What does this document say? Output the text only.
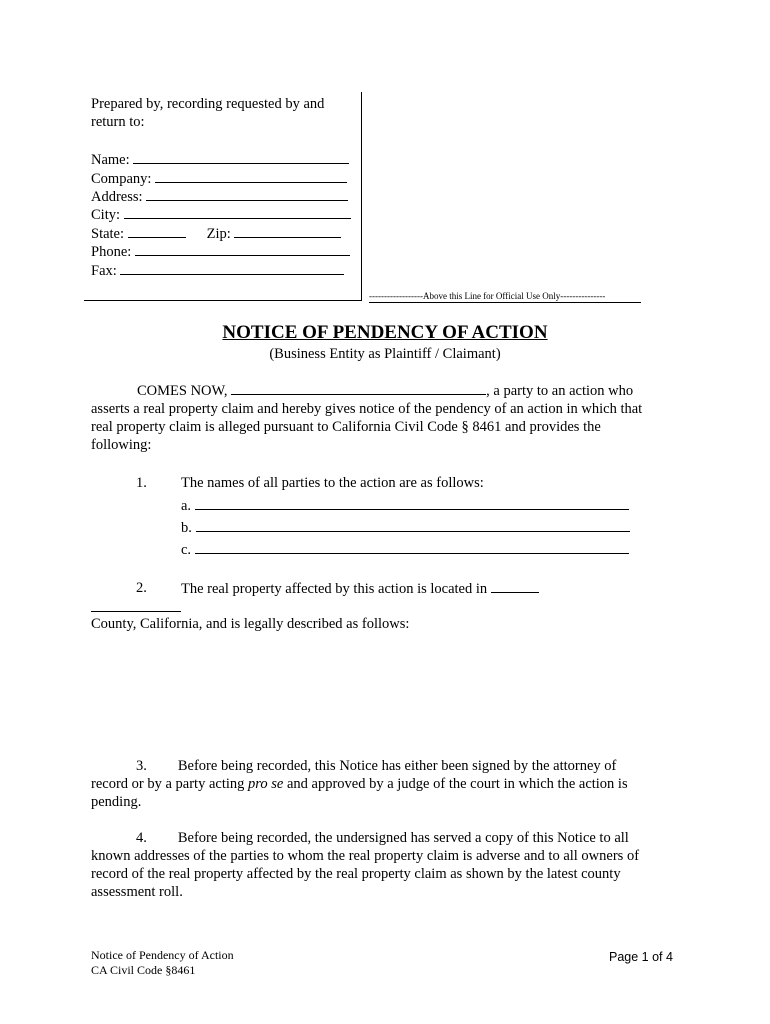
Prepared by, recording requested by and
return to:
Name:
Company:
Address:
City:
State:	Zip:
Phone:
Fax:
------------------Above this Line for Official Use Only---------------
NOTICE OF PENDENCY OF ACTION
(Business Entity as Plaintiff / Claimant)
COMES NOW,	, a party to an action who
asserts a real property claim and hereby gives notice of the pendency of an action in which that
real property claim is alleged pursuant to California Civil Code § 8461 and provides the
following:
1. The names of all parties to the action are as follows:
a.
b.
c.
2. The real property affected by this action is located in
County, California, and is legally described as follows:
3. Before being recorded, this Notice has either been signed by the attorney of
record or by a party acting pro se and approved by a judge of the court in which the action is
pending.
4. Before being recorded, the undersigned has served a copy of this Notice to all
known addresses of the parties to whom the real property claim is adverse and to all owners of
record of the real property affected by the real property claim as shown by the latest county
assessment roll.
Notice of Pendency of Action
CA Civil Code §8461
Page 1 of 4
